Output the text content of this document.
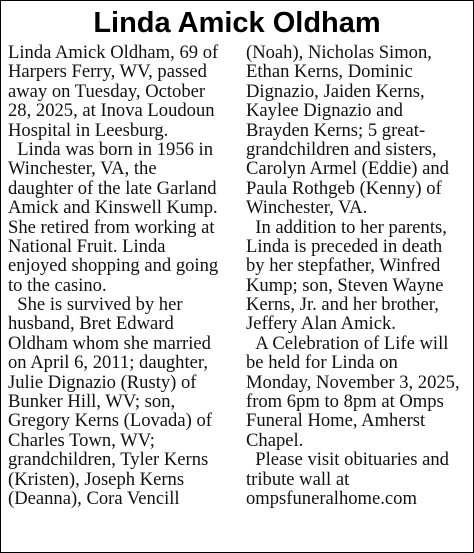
Linda Amick Oldham
Linda Amick Oldham, 69 of
Harpers Ferry, WV, passed
away on Tuesday, October
28, 2025, at Inova Loudoun
Hospital in Leesburg.
Linda was born in 1956 in
Winchester, VA, the
daughter of the late Garland
Amick and Kinswell Kump.
She retired from working at
National Fruit. Linda
enjoyed shopping and going
to the casino.
She is survived by her
husband, Bret Edward
Oldham whom she married
on April 6, 2011; daughter,
Julie Dignazio (Rusty) of
Bunker Hill, WV; son,
Gregory Kerns (Lovada) of
Charles Town, WV;
grandchildren, Tyler Kerns
(Kristen), Joseph Kerns
(Deanna), Cora Vencill
(Noah), Nicholas Simon,
Ethan Kerns, Dominic
Dignazio, Jaiden Kerns,
Kaylee Dignazio and
Brayden Kerns; 5 great-
grandchildren and sisters,
Carolyn Armel (Eddie) and
Paula Rothgeb (Kenny) of
Winchester, VA.
In addition to her parents,
Linda is preceded in death
by her stepfather, Winfred
Kump; son, Steven Wayne
Kerns, Jr. and her brother,
Jeffery Alan Amick.
A Celebration of Life will
be held for Linda on
Monday, November 3, 2025,
from 6pm to 8pm at Omps
Funeral Home, Amherst
Chapel.
Please visit obituaries and
tribute wall at
ompsfuneralhome.com
